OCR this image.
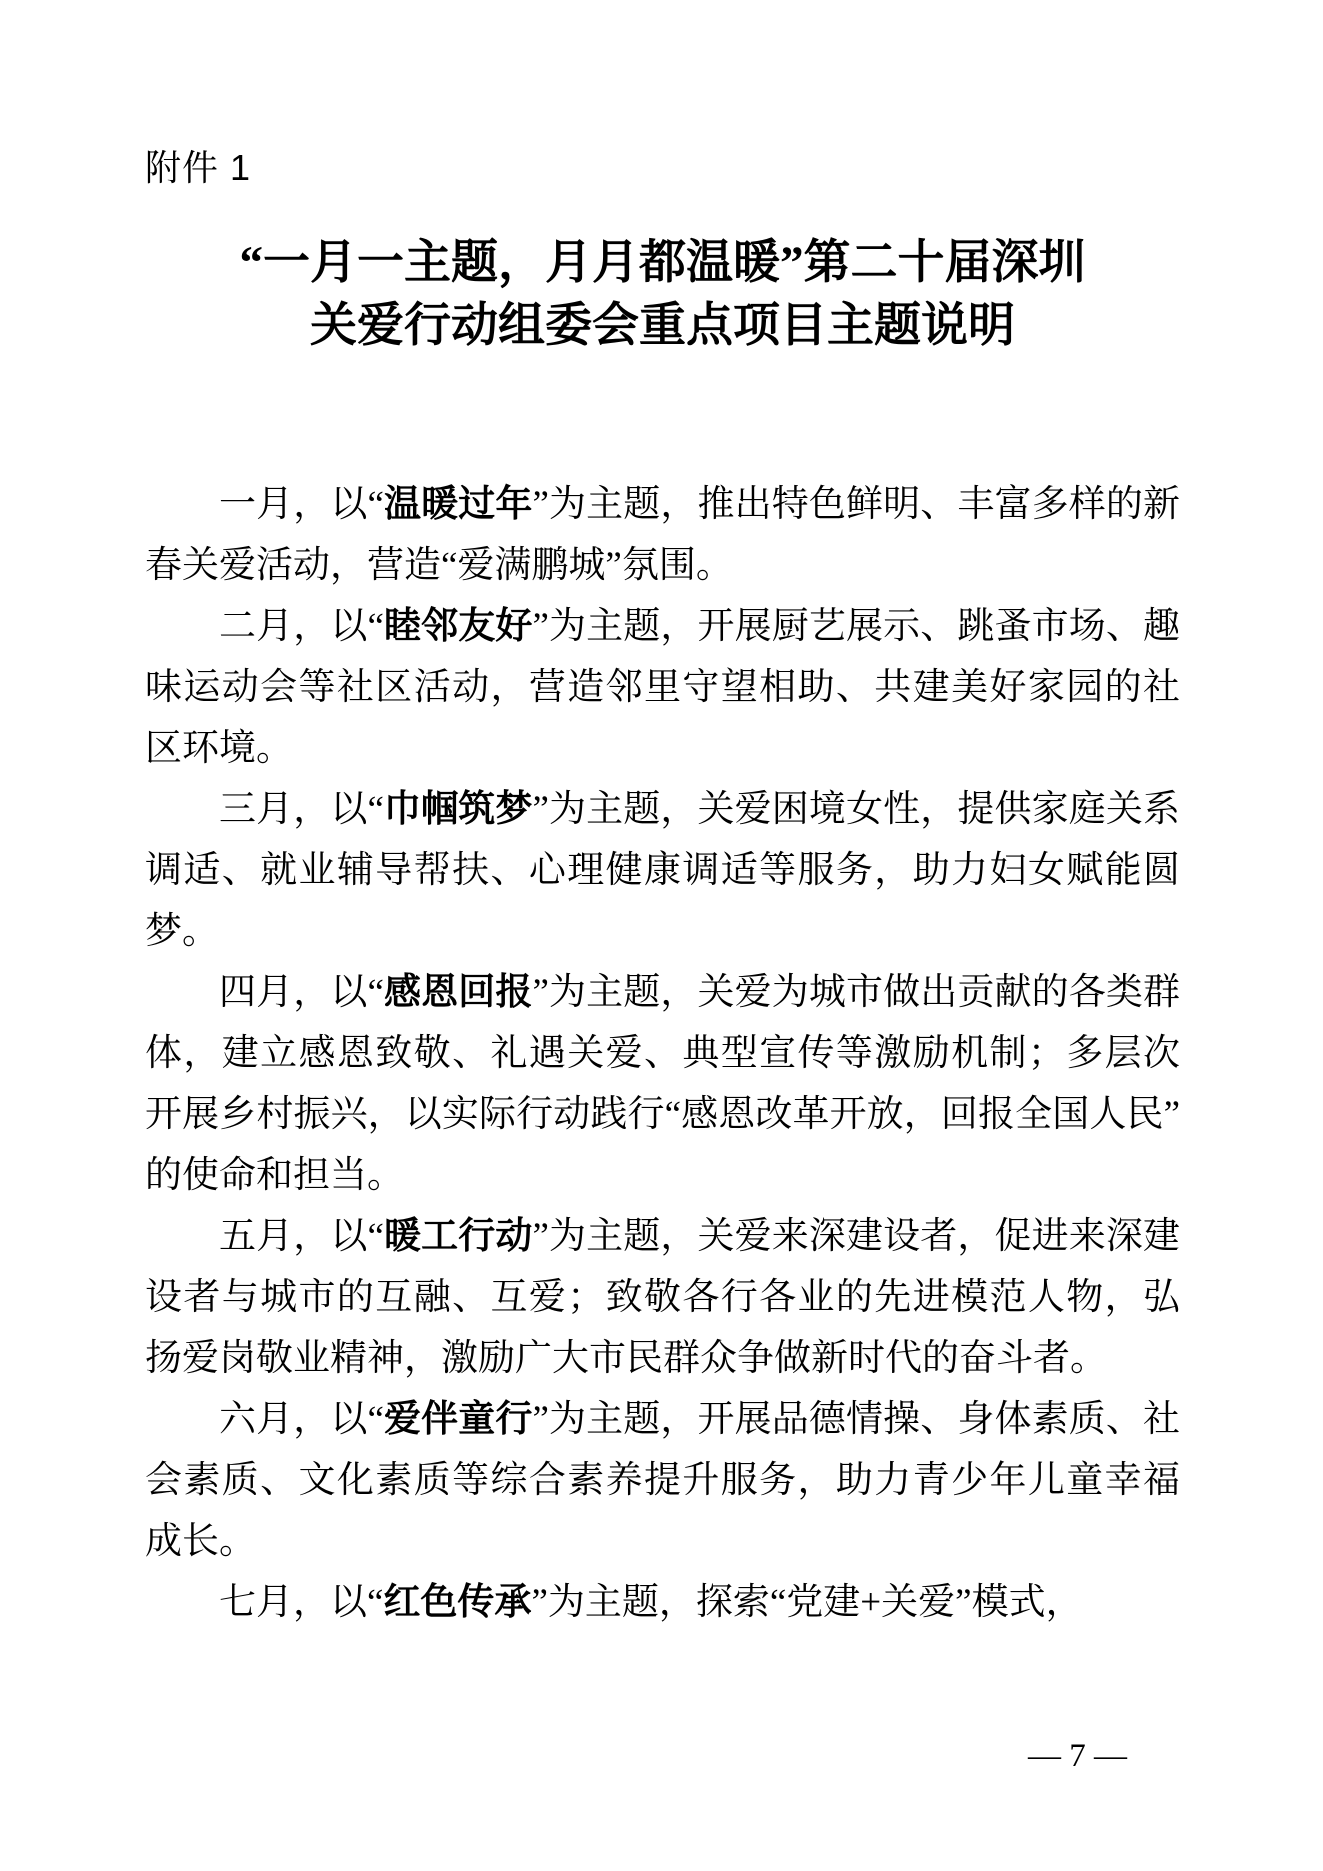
附件 1
“一月一主题，月月都温暖”第二十届深圳
关爱行动组委会重点项目主题说明

一月，以“温暖过年”为主题，推出特色鲜明、丰富多样的新春关爱活动，营造“爱满鹏城”氛围。

二月，以“睦邻友好”为主题，开展厨艺展示、跳蚤市场、趣味运动会等社区活动，营造邻里守望相助、共建美好家园的社区环境。

三月，以“巾帼筑梦”为主题，关爱困境女性，提供家庭关系调适、就业辅导帮扶、心理健康调适等服务，助力妇女赋能圆梦。

四月，以“感恩回报”为主题，关爱为城市做出贡献的各类群体，建立感恩致敬、礼遇关爱、典型宣传等激励机制；多层次开展乡村振兴，以实际行动践行“感恩改革开放，回报全国人民”的使命和担当。

五月，以“暖工行动”为主题，关爱来深建设者，促进来深建设者与城市的互融、互爱；致敬各行各业的先进模范人物，弘扬爱岗敬业精神，激励广大市民群众争做新时代的奋斗者。

六月，以“爱伴童行”为主题，开展品德情操、身体素质、社会素质、文化素质等综合素养提升服务，助力青少年儿童幸福成长。

七月，以“红色传承”为主题，探索“党建+关爱”模式，

— 7 —
